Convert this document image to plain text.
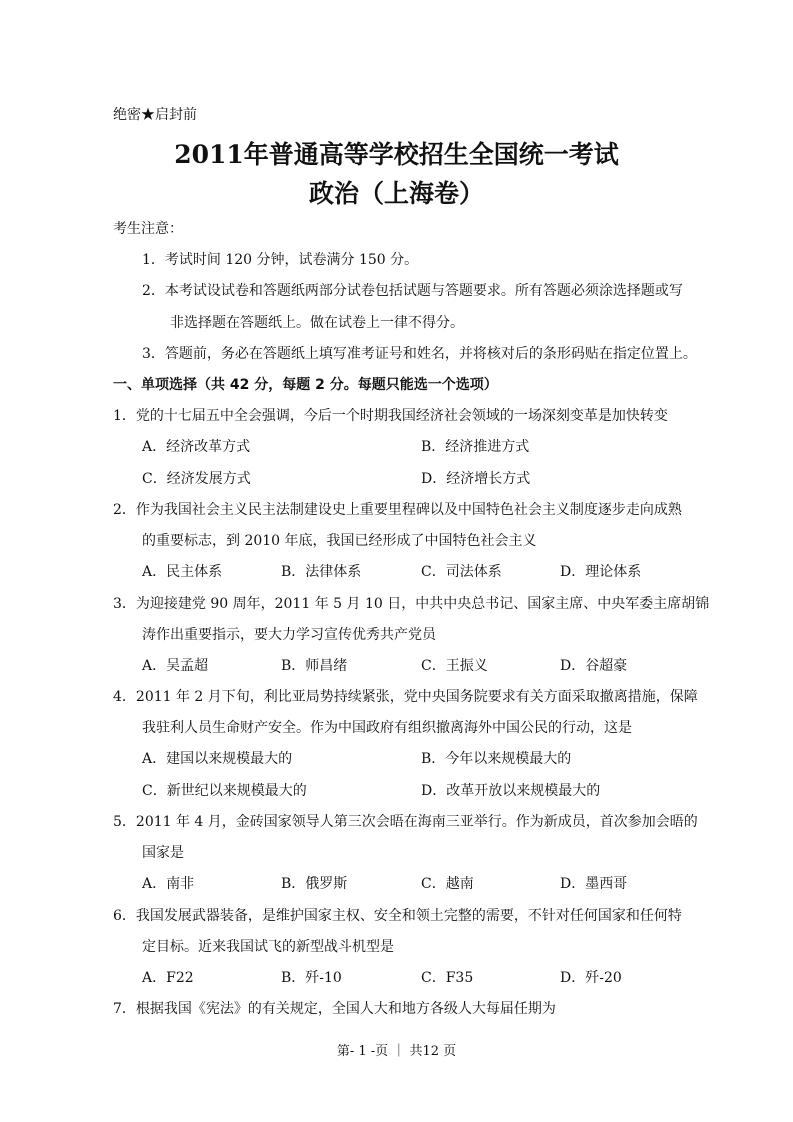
绝密★启封前
2011年普通高等学校招生全国统一考试
政治（上海卷）
考生注意：
1．考试时间 120 分钟，试卷满分 150 分。
2．本考试设试卷和答题纸两部分试卷包括试题与答题要求。所有答题必须涂选择题或写
非选择题在答题纸上。做在试卷上一律不得分。
3．答题前，务必在答题纸上填写准考证号和姓名，并将核对后的条形码贴在指定位置上。
一、单项选择（共 42 分，每题 2 分。每题只能选一个选项）
1．党的十七届五中全会强调，今后一个时期我国经济社会领域的一场深刻变革是加快转变
A．经济改革方式	B．经济推进方式
C．经济发展方式	D．经济增长方式
2．作为我国社会主义民主法制建设史上重要里程碑以及中国特色社会主义制度逐步走向成熟
的重要标志，到 2010 年底，我国已经形成了中国特色社会主义
A．民主体系	B．法律体系	C．司法体系	D．理论体系
3．为迎接建党 90 周年，2011 年 5 月 10 日，中共中央总书记、国家主席、中央军委主席胡锦
涛作出重要指示，要大力学习宣传优秀共产党员
A．吴孟超	B．师昌绪	C．王振义	D．谷超豪
4．2011 年 2 月下旬，利比亚局势持续紧张，党中央国务院要求有关方面采取撤离措施，保障
我驻利人员生命财产安全。作为中国政府有组织撤离海外中国公民的行动，这是
A．建国以来规模最大的	B．今年以来规模最大的
C．新世纪以来规模最大的	D．改革开放以来规模最大的
5．2011 年 4 月，金砖国家领导人第三次会晤在海南三亚举行。作为新成员，首次参加会晤的
国家是
A．南非	B．俄罗斯	C．越南	D．墨西哥
6．我国发展武器装备，是维护国家主权、安全和领土完整的需要，不针对任何国家和任何特
定目标。近来我国试飞的新型战斗机型是
A．F22	B．歼-10	C．F35	D．歼-20
7．根据我国《宪法》的有关规定，全国人大和地方各级人大每届任期为
第- 1 -页 ｜ 共12 页
